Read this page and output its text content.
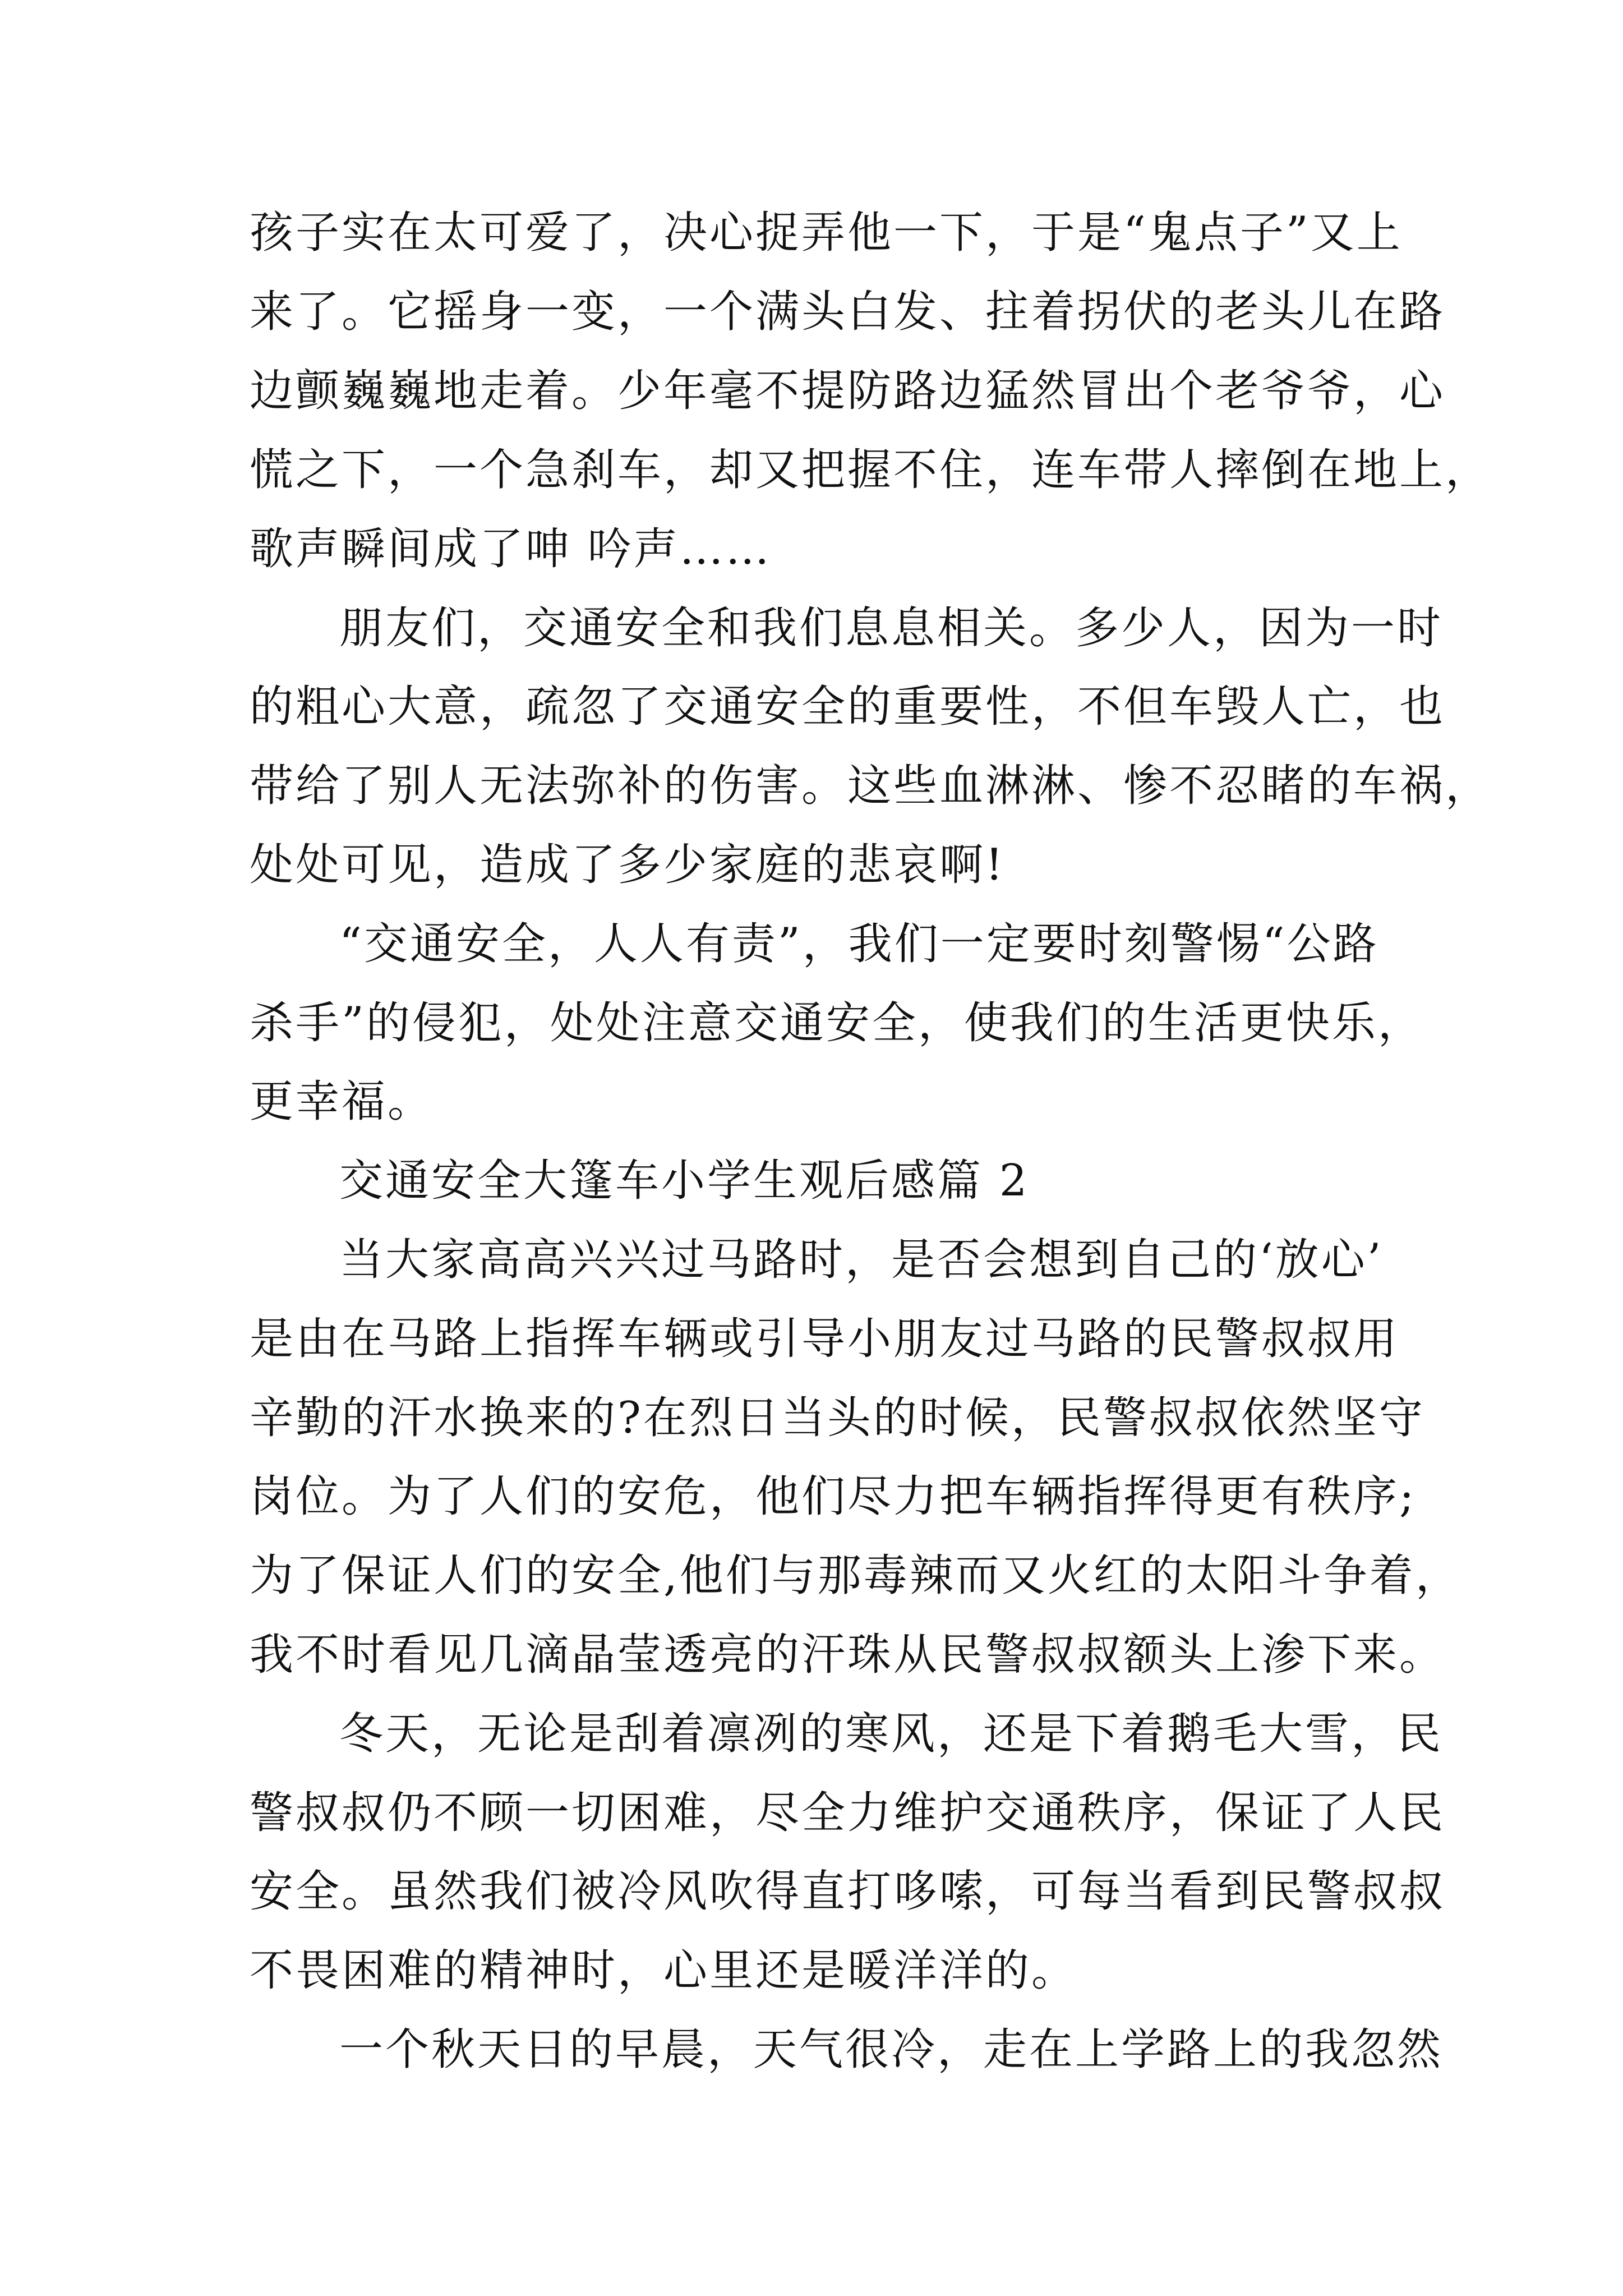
孩子实在太可爱了，决心捉弄他一下，于是“鬼点子”又上
来了。它摇身一变，一个满头白发、拄着拐伏的老头儿在路
边颤巍巍地走着。少年毫不提防路边猛然冒出个老爷爷，心
慌之下，一个急刹车，却又把握不住，连车带人摔倒在地上，
歌声瞬间成了呻 吟声……
朋友们，交通安全和我们息息相关。多少人，因为一时
的粗心大意，疏忽了交通安全的重要性，不但车毁人亡，也
带给了别人无法弥补的伤害。这些血淋淋、惨不忍睹的车祸，
处处可见，造成了多少家庭的悲哀啊!
“交通安全，人人有责”，我们一定要时刻警惕“公路
杀手”的侵犯，处处注意交通安全，使我们的生活更快乐，
更幸福。
交通安全大篷车小学生观后感篇 2
当大家高高兴兴过马路时，是否会想到自己的‘放心’
是由在马路上指挥车辆或引导小朋友过马路的民警叔叔用
辛勤的汗水换来的?在烈日当头的时候，民警叔叔依然坚守
岗位。为了人们的安危，他们尽力把车辆指挥得更有秩序;
为了保证人们的安全,他们与那毒辣而又火红的太阳斗争着，
我不时看见几滴晶莹透亮的汗珠从民警叔叔额头上渗下来。
冬天，无论是刮着凛冽的寒风，还是下着鹅毛大雪，民
警叔叔仍不顾一切困难，尽全力维护交通秩序，保证了人民
安全。虽然我们被冷风吹得直打哆嗦，可每当看到民警叔叔
不畏困难的精神时，心里还是暖洋洋的。
一个秋天日的早晨，天气很冷，走在上学路上的我忽然
